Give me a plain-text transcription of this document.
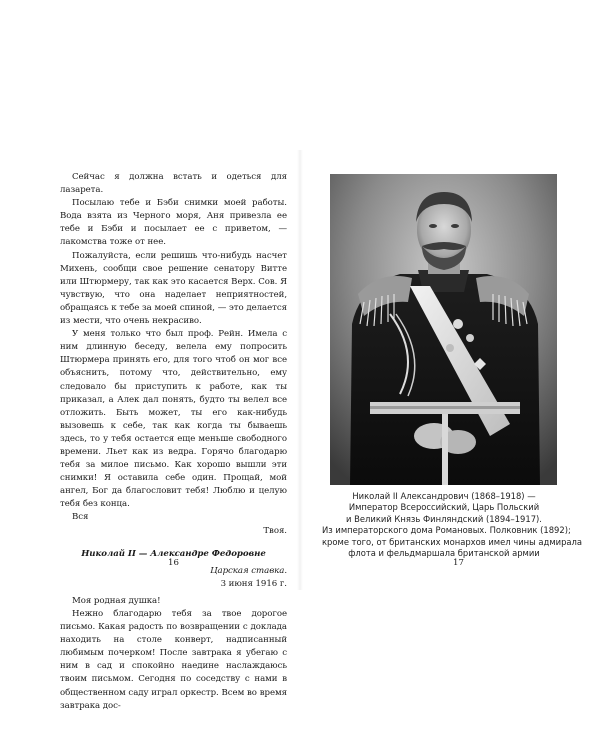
Сейчас я должна встать и одеться для лазарета.

Посылаю тебе и Бэби снимки моей работы. Вода взята из Черного моря, Аня привезла ее тебе и Бэби и посылает ее с приветом, — лакомства тоже от нее.

Пожалуйста, если решишь что-нибудь насчет Михень, сообщи свое решение сенатору Витте или Штюрмеру, так как это касается Верх. Сов. Я чувствую, что она наделает неприятностей, обращаясь к тебе за моей спиной, — это делается из мести, что очень некрасиво.

У меня только что был проф. Рейн. Имела с ним длинную беседу, велела ему попросить Штюрмера принять его, для того чтоб он мог все объяснить, потому что, действительно, ему следовало бы приступить к работе, как ты приказал, а Алек дал понять, будто ты велел все отложить. Быть может, ты его как-нибудь вызовешь к себе, так как когда ты бываешь здесь, то у тебя остается еще меньше свободного времени. Льет как из ведра. Горячо благодарю тебя за милое письмо. Как хорошо вышли эти снимки! Я оставила себе один. Прощай, мой ангел, Бог да благословит тебя! Люблю и целую тебя без конца.

Вся

Твоя.

Николай II — Александре Федоровне

Царская ставка.

3 июня 1916 г.

Моя родная душка!

Нежно благодарю тебя за твое дорогое письмо. Какая радость по возвращении с доклада находить на столе конверт, надписанный любимым почерком! После завтрака я убегаю с ним в сад и спокойно наедине наслаждаюсь твоим письмом. Сегодня по соседству с нами в общественном саду играл оркестр. Всем во время завтрака дос-

16
Николай II Александрович (1868–1918) —
Император Всероссийский, Царь Польский
и Великий Князь Финляндский (1894–1917).
Из императорского дома Романовых. Полковник (1892);
кроме того, от британских монархов имел чины адмирала
флота и фельдмаршала британской армии
17
